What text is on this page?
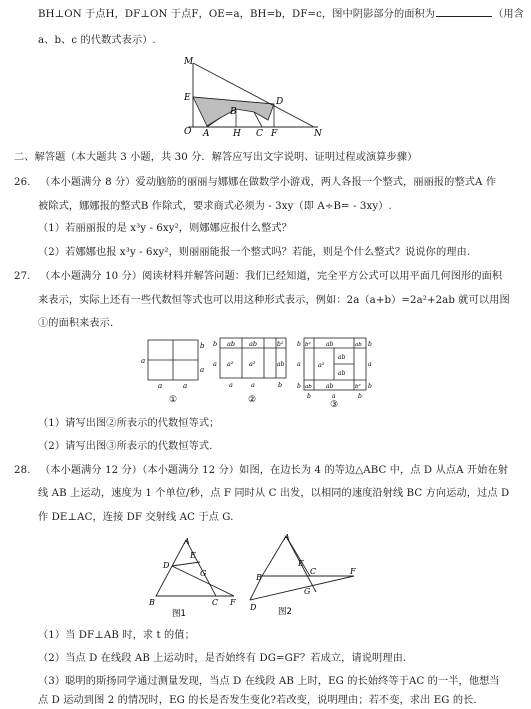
BH⊥ON 于点H，DF⊥ON 于点F，OE=a，BH=b，DF=c，图中阴影部分的面积为	（用含
a、b、c 的代数式表示）.
M
E	D
B
O A	H C F	N
二、解答题（本大题共 3 小题，共 30 分．解答应写出文字说明、证明过程或演算步骤）
26. （本小题满分 8 分）爱动脑筋的丽丽与娜娜在做数学小游戏，两人各报一个整式，丽丽报的整式A 作
被除式，娜娜报的整式B 作除式，要求商式必须为 - 3xy（即 A÷B= - 3xy）.
（1）若丽丽报的是 x³y - 6xy²，则娜娜应报什么整式？
（2）若娜娜也报 x³y - 6xy²，则丽丽能报一个整式吗？若能，则是个什么整式？说说你的理由.
27. （本小题满分 10 分）阅读材料并解答问题：我们已经知道，完全平方公式可以用平面几何图形的面积
来表示，实际上还有一些代数恒等式也可以用这种形式表示，例如：2a（a+b）=2a²+2ab 就可以用图
①的面积来表示.
b
a
a
a	a
①
ab ab	b²
a² a²	ab
b
a
a	a	b
②
b²	ab	ab
ab
a²
ab
ab ab	b²
b
a
b
b
a
b
b	a	b
③
（1）请写出图②所表示的代数恒等式；
（2）请写出图③所表示的代数恒等式.
28. （本小题满分 12 分）（本小题满分 12 分）如图，在边长为 4 的等边△ABC 中，点 D 从点A 开始在射
线 AB 上运动，速度为 1 个单位/秒，点 F 同时从 C 出发，以相同的速度沿射线 BC 方向运动，过点 D
作 DE⊥AC，连接 DF 交射线 AC 于点 G.
A
E
D
G
B	C F
图1
A
E
B
C	F
G
D	图2
（1）当 DF⊥AB 时，求 t 的值；
（2）当点 D 在线段 AB 上运动时，是否始终有 DG=GF？若成立，请说明理由.
（3）聪明的斯扬同学通过测量发现，当点 D 在线段 AB 上时，EG 的长始终等于AC 的一半，他想当
点 D 运动到图 2 的情况时，EG 的长是否发生变化?若改变，说明理由；若不变，求出 EG 的长.
